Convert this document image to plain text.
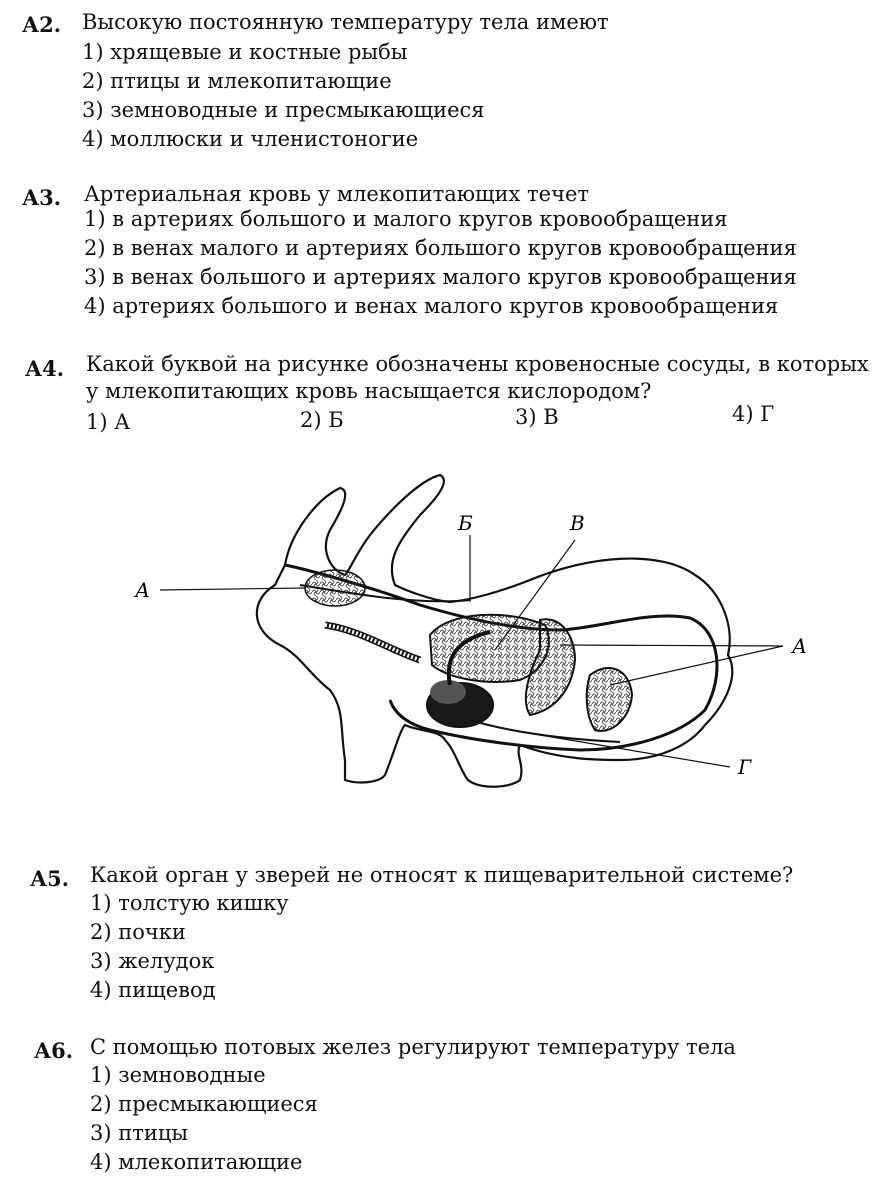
А2. Высокую постоянную температуру тела имеют
1) хрящевые и костные рыбы
2) птицы и млекопитающие
3) земноводные и пресмыкающиеся
4) моллюски и членистоногие
А3. Артериальная кровь у млекопитающих течет
1) в артериях большого и малого кругов кровообращения
2) в венах малого и артериях большого кругов кровообращения
3) в венах большого и артериях малого кругов кровообращения
4) артериях большого и венах малого кругов кровообращения
А4. Какой буквой на рисунке обозначены кровеносные сосуды, в которых
у млекопитающих кровь насыщается кислородом?
1) А	2) Б	3) В	4) Г
А
Б	В
А
Г
А5. Какой орган у зверей не относят к пищеварительной системе?
1) толстую кишку
2) почки
3) желудок
4) пищевод
А6. С помощью потовых желез регулируют температуру тела
1) земноводные
2) пресмыкающиеся
3) птицы
4) млекопитающие
